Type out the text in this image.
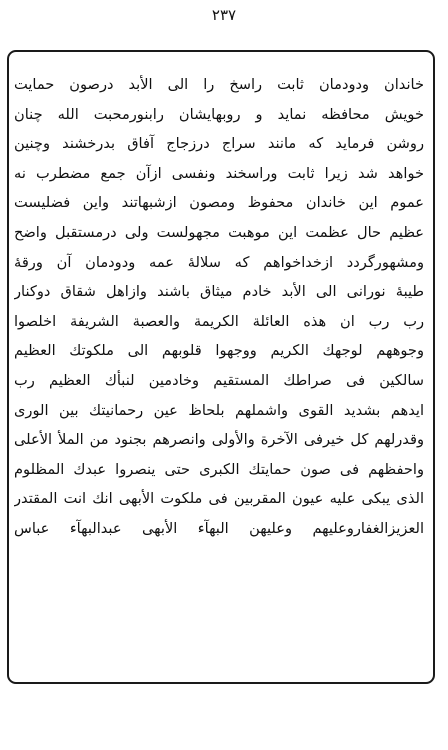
۲۳۷
خاندان ودودمان ثابت راسخ را الی الأبد درصون حمایت
خویش محافظه نماید و روبهایشان رابنورمحبت الله چنان
روشن فرماید که مانند سراج درزجاج آفاق بدرخشند وچنین
خواهد شد زیرا ثابت وراسخند ونفسی ازآن جمع مضطرب نه
عموم این خاندان محفوظ ومصون ازشبهاتند واین فضلیست
عظیم حال عظمت این موهبت مجهولست ولی درمستقبل واضح
ومشهورگردد ازخداخواهم که سلالۀ عمه ودودمان آن ورقۀ
طیبۀ نورانی الی الأبد خادم میثاق باشند وازاهل شقاق دوکنار
رب رب ان هذه العائلة الکریمة والعصبة الشریفة اخلصوا
وجوههم لوجهك الکریم ووجهوا قلوبهم الی ملکوتك العظیم
سالکین فی صراطك المستقیم وخادمین لنبأك العظیم رب
ایدهم بشدید القوی واشملهم بلحاظ عین رحمانیتك بین الوری
وقدرلهم کل خیرفی الآخرة والأولی وانصرهم بجنود من الملأ الأعلی
واحفظهم فی صون حمایتك الکبری حتی ینصروا عبدك المظلوم
الذی یبکی علیه عیون المقربین فی ملکوت الأبهی انك انت المقتدر
العزیزالغفاروعلیهم وعلیهن البهآء الأبهی عبدالبهآء عباس
